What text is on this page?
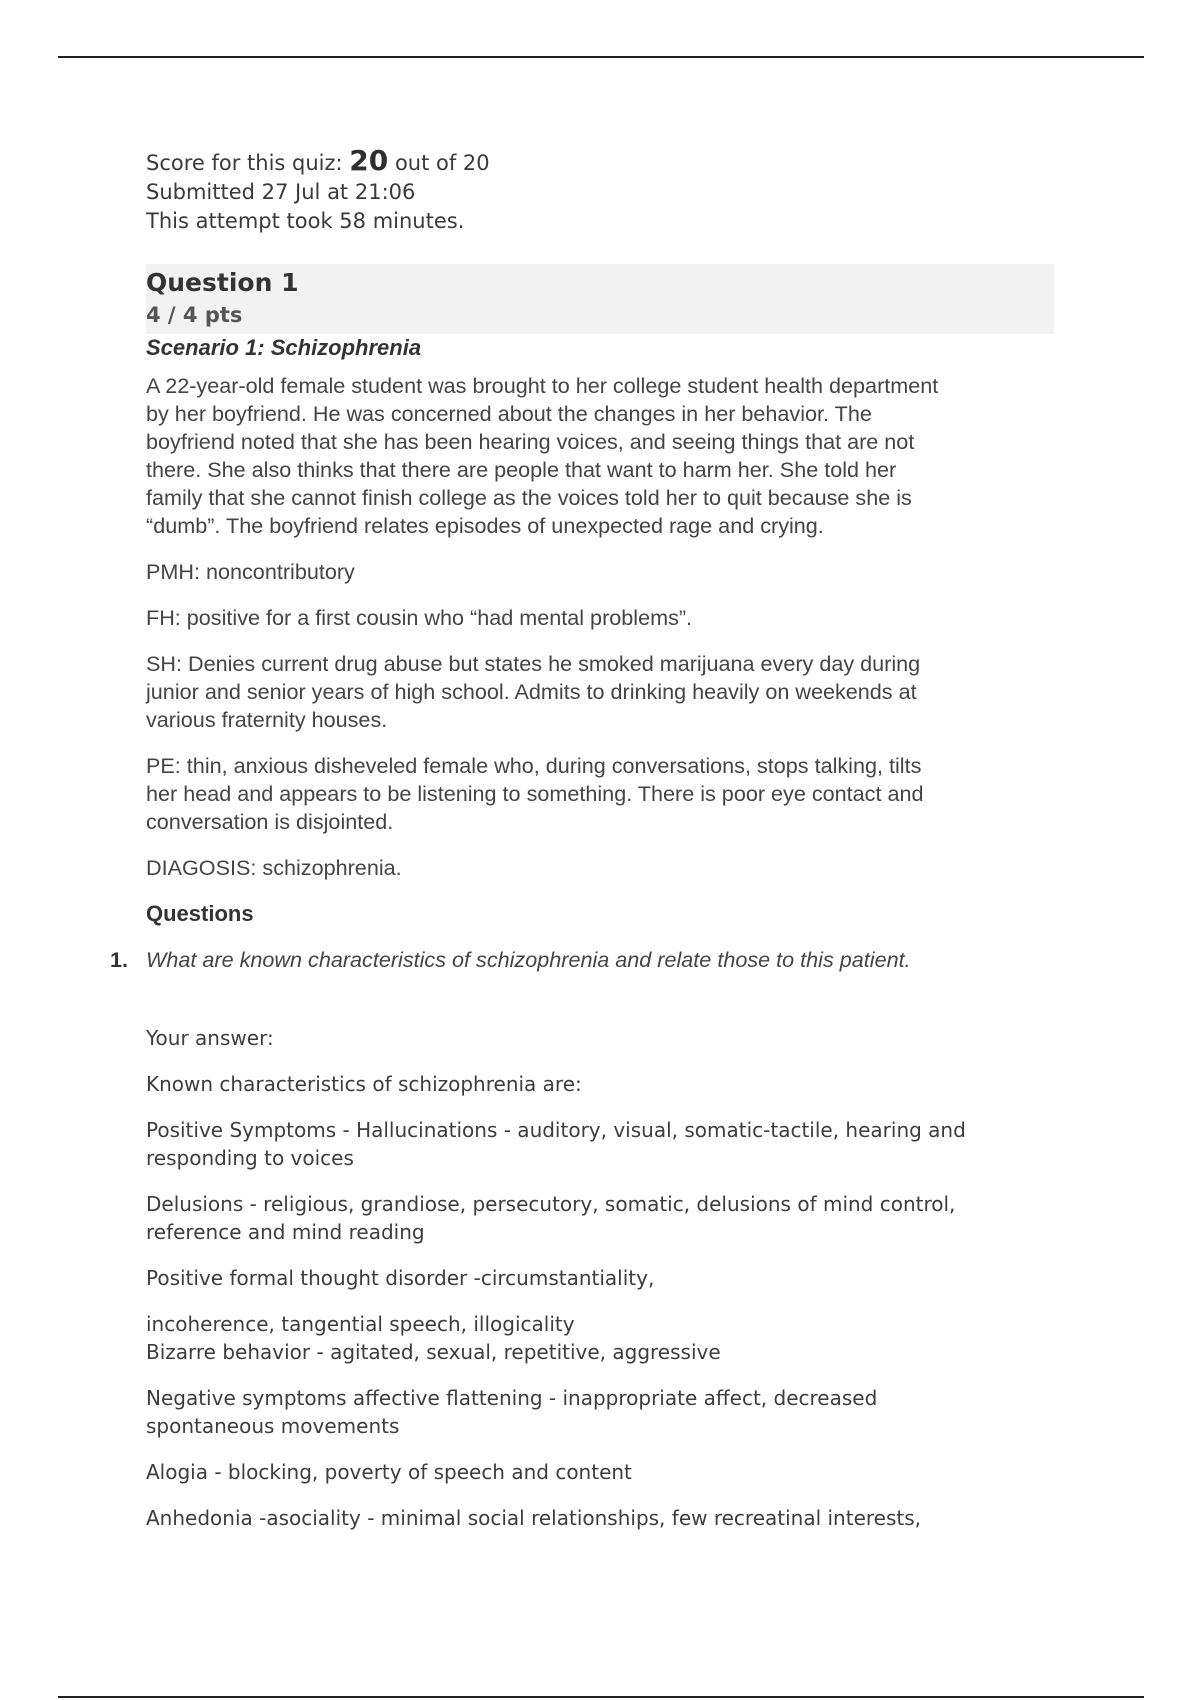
Score for this quiz: 20 out of 20
Submitted 27 Jul at 21:06
This attempt took 58 minutes.
Question 1
4 / 4 pts
Scenario 1: Schizophrenia

A 22-year-old female student was brought to her college student health department

by her boyfriend. He was concerned about the changes in her behavior. The

boyfriend noted that she has been hearing voices, and seeing things that are not

there. She also thinks that there are people that want to harm her. She told her

family that she cannot finish college as the voices told her to quit because she is

“dumb”. The boyfriend relates episodes of unexpected rage and crying.

PMH: noncontributory

FH: positive for a first cousin who “had mental problems”.

SH: Denies current drug abuse but states he smoked marijuana every day during

junior and senior years of high school. Admits to drinking heavily on weekends at

various fraternity houses.

PE: thin, anxious disheveled female who, during conversations, stops talking, tilts

her head and appears to be listening to something. There is poor eye contact and

conversation is disjointed.

DIAGOSIS: schizophrenia.

Questions
1. What are known characteristics of schizophrenia and relate those to this patient.
Your answer:
Known characteristics of schizophrenia are:

Positive Symptoms - Hallucinations - auditory, visual, somatic-tactile, hearing and

responding to voices

Delusions - religious, grandiose, persecutory, somatic, delusions of mind control,

reference and mind reading

Positive formal thought disorder -circumstantiality,

incoherence, tangential speech, illogicality

Bizarre behavior - agitated, sexual, repetitive, aggressive

Negative symptoms affective flattening - inappropriate affect, decreased

spontaneous movements

Alogia - blocking, poverty of speech and content

Anhedonia -asociality - minimal social relationships, few recreatinal interests,
